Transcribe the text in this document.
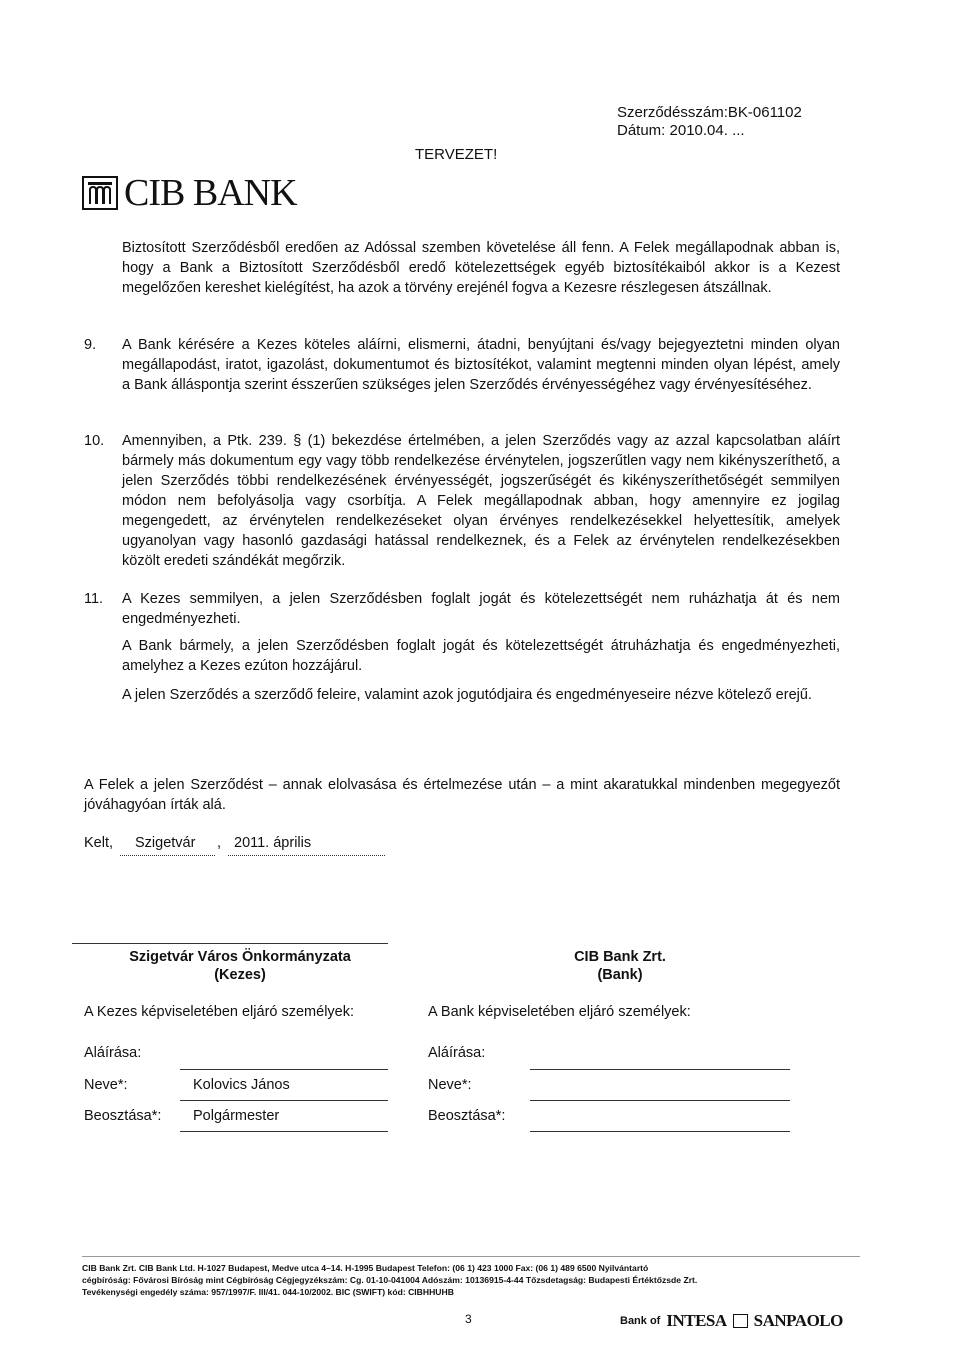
Szerződésszám:BK-061102
Dátum: 2010.04. ...
TERVEZET!
CIB BANK
Biztosított Szerződésből eredően az Adóssal szemben követelése áll fenn. A Felek megállapodnak abban is, hogy a Bank a Biztosított Szerződésből eredő kötelezettségek egyéb biztosítékaiból akkor is a Kezest megelőzően kereshet kielégítést, ha azok a törvény erejénél fogva a Kezesre részlegesen átszállnak.
9. A Bank kérésére a Kezes köteles aláírni, elismerni, átadni, benyújtani és/vagy bejegyeztetni minden olyan megállapodást, iratot, igazolást, dokumentumot és biztosítékot, valamint megtenni minden olyan lépést, amely a Bank álláspontja szerint ésszerűen szükséges jelen Szerződés érvényességéhez vagy érvényesítéséhez.
10. Amennyiben, a Ptk. 239. § (1) bekezdése értelmében, a jelen Szerződés vagy az azzal kapcsolatban aláírt bármely más dokumentum egy vagy több rendelkezése érvénytelen, jogszerűtlen vagy nem kikényszeríthető, a jelen Szerződés többi rendelkezésének érvényességét, jogszerűségét és kikényszeríthetőségét semmilyen módon nem befolyásolja vagy csorbítja. A Felek megállapodnak abban, hogy amennyire ez jogilag megengedett, az érvénytelen rendelkezéseket olyan érvényes rendelkezésekkel helyettesítik, amelyek ugyanolyan vagy hasonló gazdasági hatással rendelkeznek, és a Felek az érvénytelen rendelkezésekben közölt eredeti szándékát megőrzik.
11. A Kezes semmilyen, a jelen Szerződésben foglalt jogát és kötelezettségét nem ruházhatja át és nem engedményezheti.
A Bank bármely, a jelen Szerződésben foglalt jogát és kötelezettségét átruházhatja és engedményezheti, amelyhez a Kezes ezúton hozzájárul.
A jelen Szerződés a szerződő feleire, valamint azok jogutódjaira és engedményeseire nézve kötelező erejű.
A Felek a jelen Szerződést – annak elolvasása és értelmezése után – a mint akaratukkal mindenben megegyezőt jóváhagyóan írták alá.
Kelt, Szigetvár , 2011. április
Szigetvár Város Önkormányzata
(Kezes)
CIB Bank Zrt.
(Bank)
A Kezes képviseletében eljáró személyek:	A Bank képviseletében eljáró személyek:
Aláírása:
Neve*:	Kolovics János
Beosztása*: Polgármester
Aláírása:
Neve*:
Beosztása*:
CIB Bank Zrt. CIB Bank Ltd. H-1027 Budapest, Medve utca 4–14. H-1995 Budapest Telefon: (06 1) 423 1000 Fax: (06 1) 489 6500 Nyilvántartó
cégbíróság: Fővárosi Bíróság mint Cégbíróság Cégjegyzékszám: Cg. 01-10-041004 Adószám: 10136915-4-44 Tőzsdetagság: Budapesti Értéktőzsde Zrt.
Tevékenységi engedély száma: 957/1997/F. III/41. 044-10/2002. BIC (SWIFT) kód: CIBHHUHB
3	Bank of INTESA SANPAOLO
